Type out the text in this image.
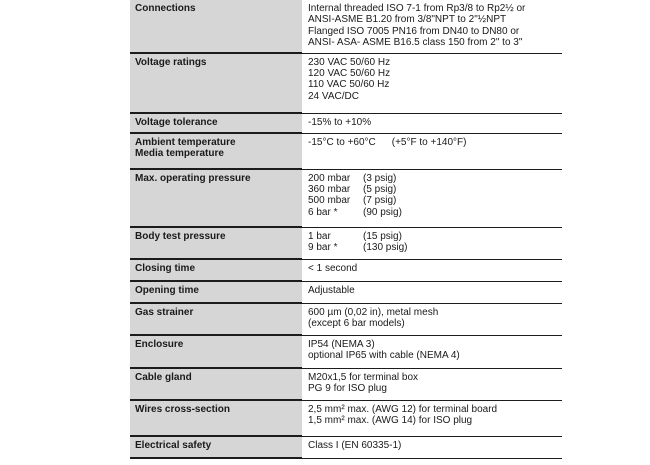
Connections	Internal threaded ISO 7-1 from Rp3/8 to Rp2½ or
ANSI-ASME B1.20 from 3/8"NPT to 2"½NPT
Flanged ISO 7005 PN16 from DN40 to DN80 or
ANSI- ASA- ASME B16.5 class 150 from 2" to 3"

Voltage ratings	230 VAC 50/60 Hz
120 VAC 50/60 Hz
110 VAC 50/60 Hz
24 VAC/DC

Voltage tolerance	-15% to +10%

Ambient temperature
Media temperature	-15°C to +60°C (+5°F to +140°F)

Max. operating pressure	200 mbar (3 psig)
360 mbar (5 psig)
500 mbar (7 psig)
6 bar * (90 psig)

Body test pressure	1 bar (15 psig)
9 bar * (130 psig)

Closing time	< 1 second

Opening time	Adjustable

Gas strainer	600 µm (0,02 in), metal mesh
(except 6 bar models)

Enclosure	IP54 (NEMA 3)
optional IP65 with cable (NEMA 4)

Cable gland	M20x1,5 for terminal box
PG 9 for ISO plug

Wires cross-section	2,5 mm² max. (AWG 12) for terminal board
1,5 mm² max. (AWG 14) for ISO plug

Electrical safety	Class I (EN 60335-1)
